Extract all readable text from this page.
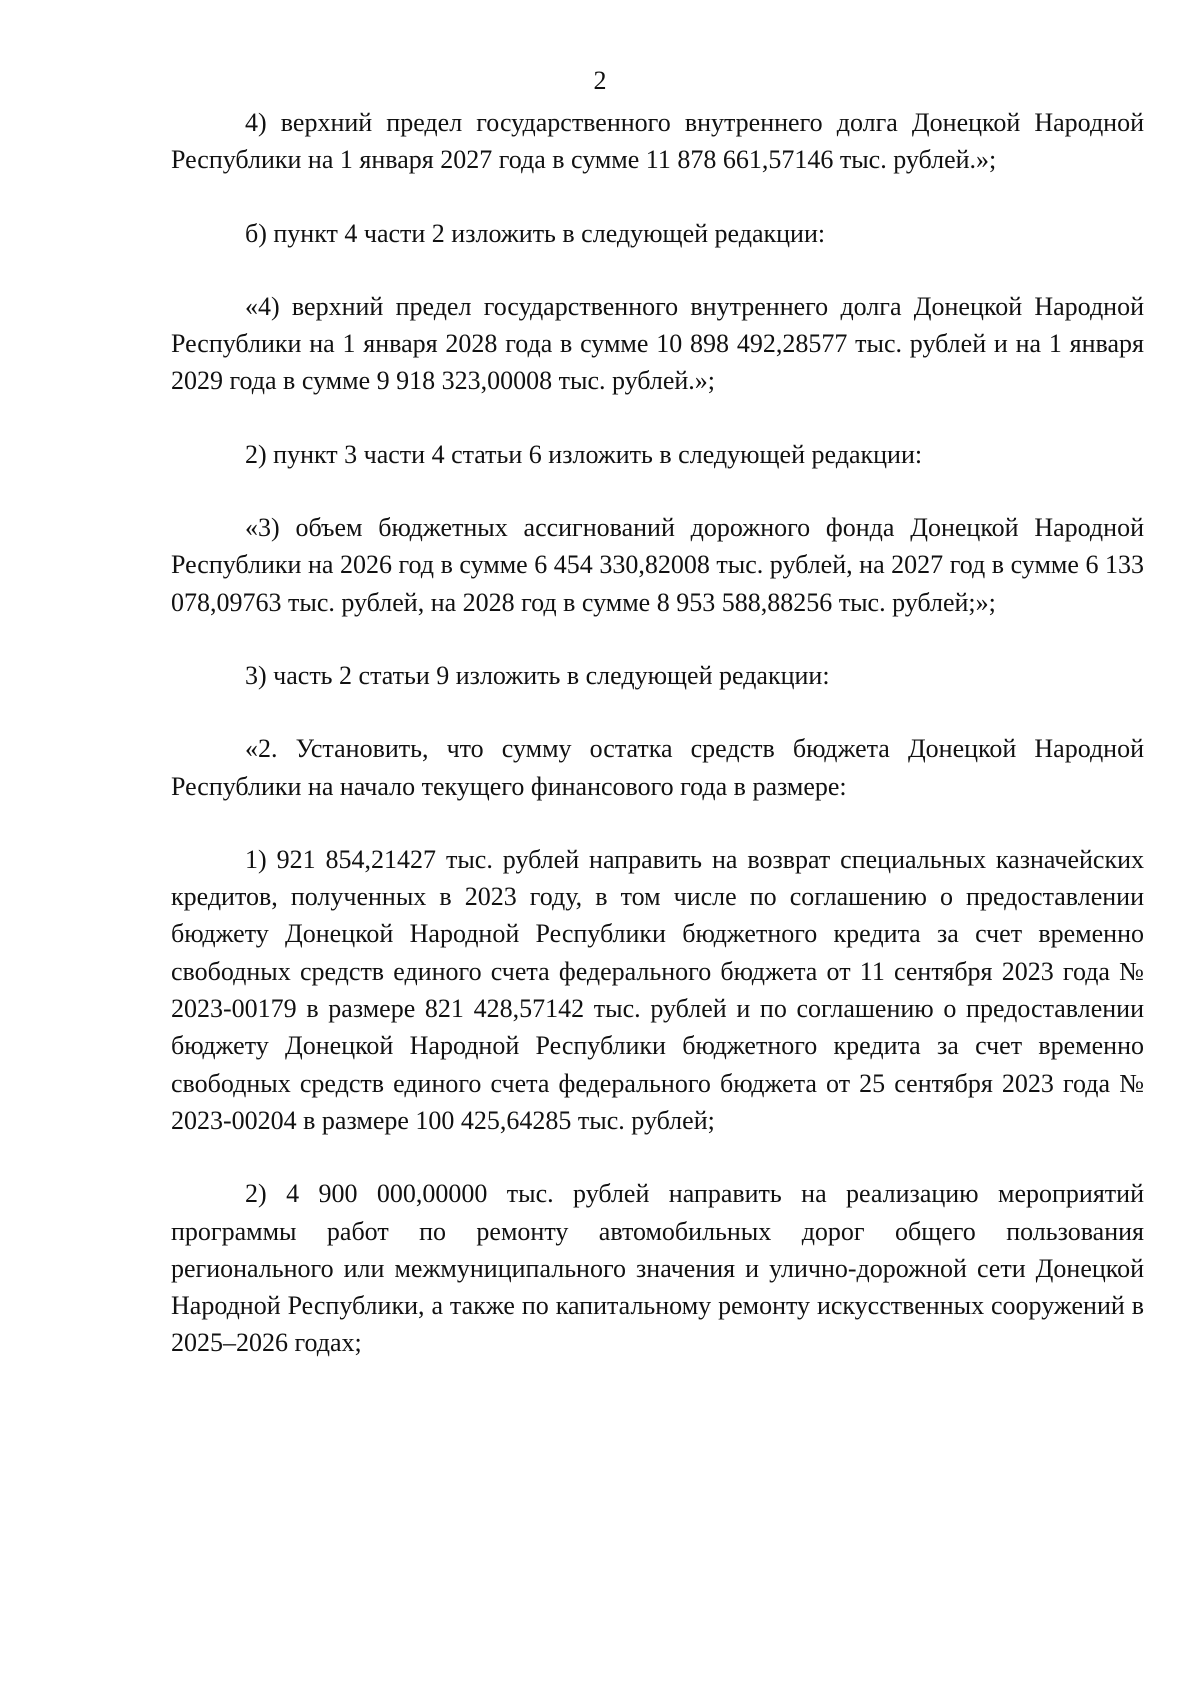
2

4) верхний предел государственного внутреннего долга Донецкой Народной Республики на 1 января 2027 года в сумме 11 878 661,57146 тыс. рублей.»;

б) пункт 4 части 2 изложить в следующей редакции:

«4) верхний предел государственного внутреннего долга Донецкой Народной Республики на 1 января 2028 года в сумме 10 898 492,28577 тыс. рублей и на 1 января 2029 года в сумме 9 918 323,00008 тыс. рублей.»;

2) пункт 3 части 4 статьи 6 изложить в следующей редакции:

«3) объем бюджетных ассигнований дорожного фонда Донецкой Народной Республики на 2026 год в сумме 6 454 330,82008 тыс. рублей, на 2027 год в сумме 6 133 078,09763 тыс. рублей, на 2028 год в сумме 8 953 588,88256 тыс. рублей;»;

3) часть 2 статьи 9 изложить в следующей редакции:

«2. Установить, что сумму остатка средств бюджета Донецкой Народной Республики на начало текущего финансового года в размере:

1) 921 854,21427 тыс. рублей направить на возврат специальных казначейских кредитов, полученных в 2023 году, в том числе по соглашению о предоставлении бюджету Донецкой Народной Республики бюджетного кредита за счет временно свободных средств единого счета федерального бюджета от 11 сентября 2023 года № 2023-00179 в размере 821 428,57142 тыс. рублей и по соглашению о предоставлении бюджету Донецкой Народной Республики бюджетного кредита за счет временно свободных средств единого счета федерального бюджета от 25 сентября 2023 года № 2023-00204 в размере 100 425,64285 тыс. рублей;

2) 4 900 000,00000 тыс. рублей направить на реализацию мероприятий программы работ по ремонту автомобильных дорог общего пользования регионального или межмуниципального значения и улично-дорожной сети Донецкой Народной Республики, а также по капитальному ремонту искусственных сооружений в 2025–2026 годах;
